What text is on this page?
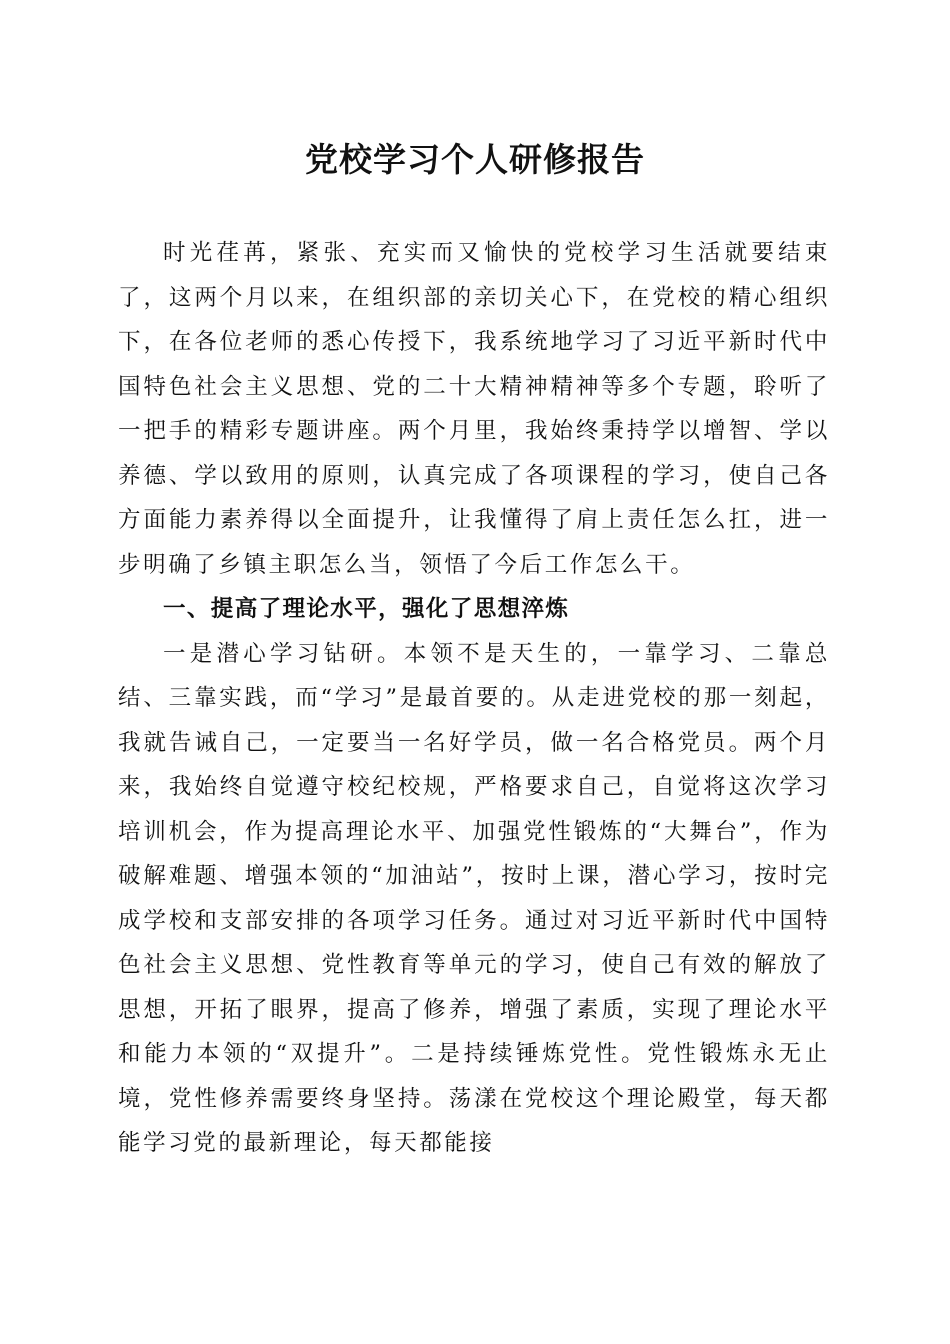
党校学习个人研修报告

时光荏苒，紧张、充实而又愉快的党校学习生活就要结束了，这两个月以来，在组织部的亲切关心下，在党校的精心组织下，在各位老师的悉心传授下，我系统地学习了习近平新时代中国特色社会主义思想、党的二十大精神精神等多个专题，聆听了一把手的精彩专题讲座。两个月里，我始终秉持学以增智、学以养德、学以致用的原则，认真完成了各项课程的学习，使自己各方面能力素养得以全面提升，让我懂得了肩上责任怎么扛，进一步明确了乡镇主职怎么当，领悟了今后工作怎么干。

一、提高了理论水平，强化了思想淬炼

一是潜心学习钻研。本领不是天生的，一靠学习、二靠总结、三靠实践，而“学习”是最首要的。从走进党校的那一刻起，我就告诫自己，一定要当一名好学员，做一名合格党员。两个月来，我始终自觉遵守校纪校规，严格要求自己，自觉将这次学习培训机会，作为提高理论水平、加强党性锻炼的“大舞台”，作为破解难题、增强本领的“加油站”，按时上课，潜心学习，按时完成学校和支部安排的各项学习任务。通过对习近平新时代中国特色社会主义思想、党性教育等单元的学习，使自己有效的解放了思想，开拓了眼界，提高了修养，增强了素质，实现了理论水平和能力本领的“双提升”。二是持续锤炼党性。党性锻炼永无止境，党性修养需要终身坚持。荡漾在党校这个理论殿堂，每天都能学习党的最新理论，每天都能接
